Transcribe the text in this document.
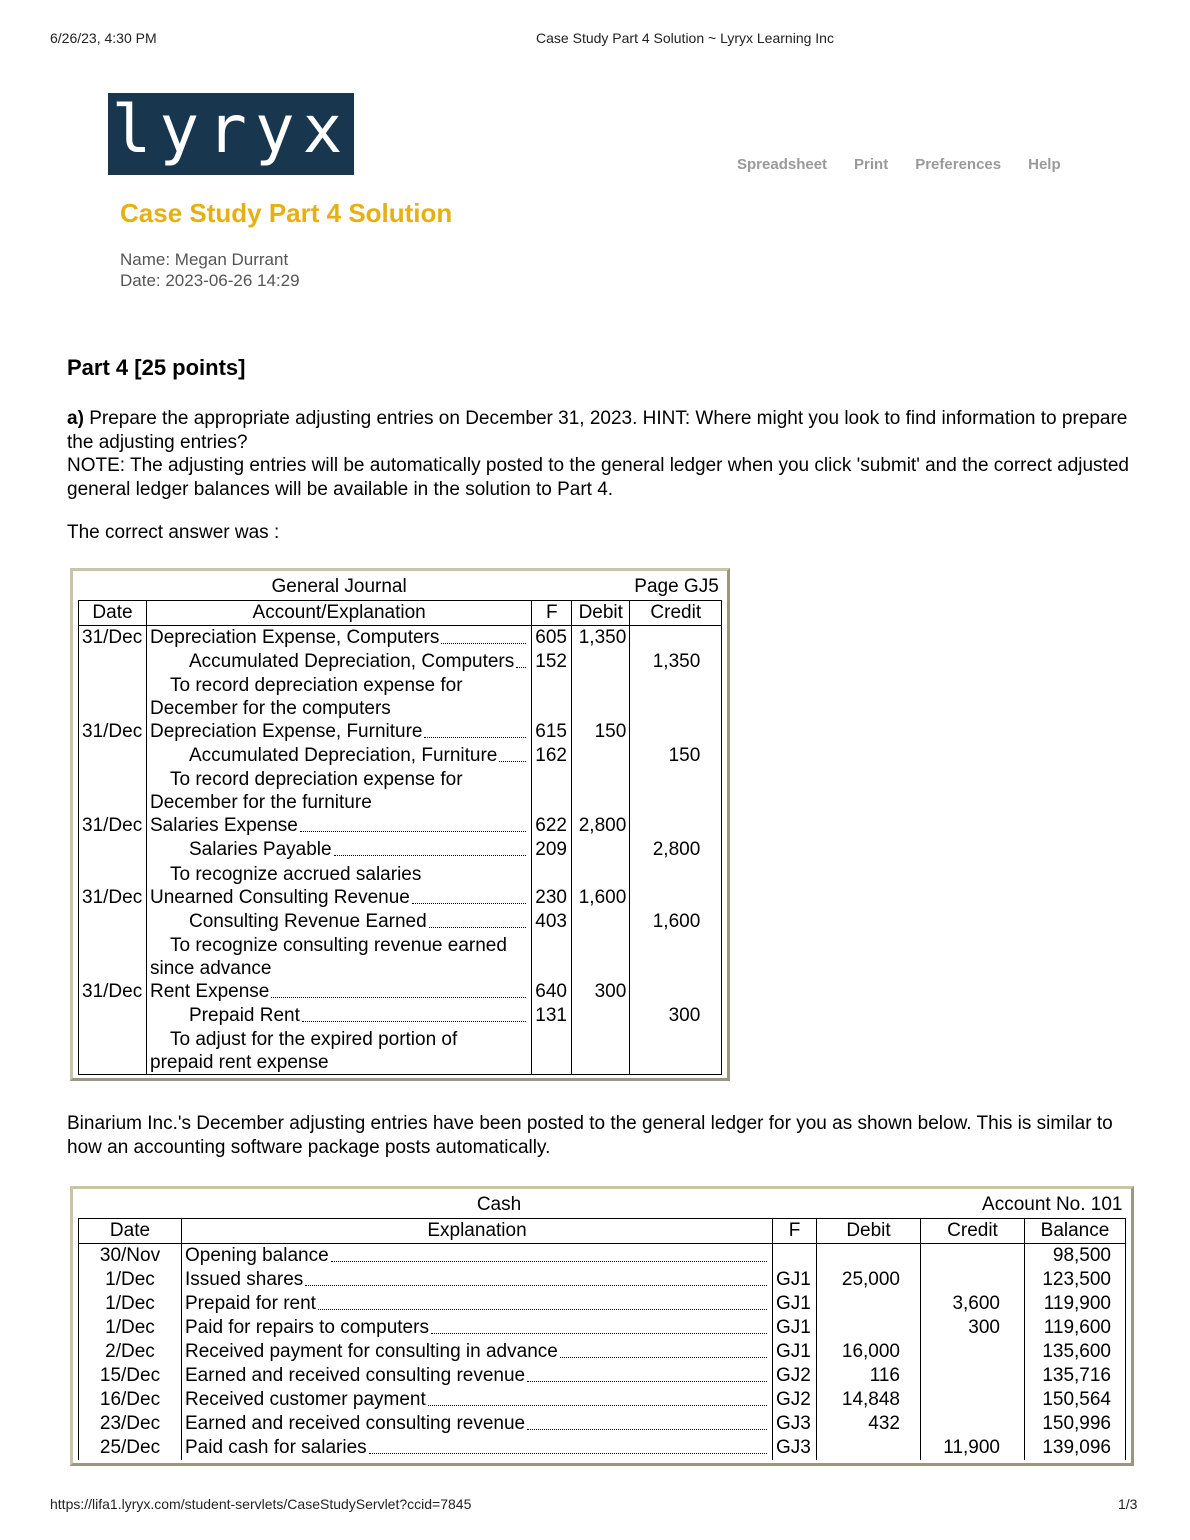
6/26/23, 4:30 PM	Case Study Part 4 Solution ~ Lyryx Learning Inc
lyryx	Spreadsheet Print Preferences Help
Case Study Part 4 Solution
Name: Megan Durrant
Date: 2023-06-26 14:29
Part 4 [25 points]
a) Prepare the appropriate adjusting entries on December 31, 2023. HINT: Where might you look to find information to prepare the adjusting entries?
NOTE: The adjusting entries will be automatically posted to the general ledger when you click 'submit' and the correct adjusted general ledger balances will be available in the solution to Part 4.
The correct answer was :
	General Journal		Page GJ5	
Date	Account/Explanation	F	Debit	Credit
31/Dec	Depreciation Expense, Computers	605	1,350	

	Accumulated Depreciation, Computers	152		1,350

	To record depreciation expense for
December for the computers			

31/Dec	Depreciation Expense, Furniture	615	150	

	Accumulated Depreciation, Furniture	162		150

	To record depreciation expense for
December for the furniture			

31/Dec	Salaries Expense	622	2,800	

	Salaries Payable	209		2,800

	To recognize accrued salaries			

31/Dec	Unearned Consulting Revenue	230	1,600	

	Consulting Revenue Earned	403		1,600

	To recognize consulting revenue earned
since advance			

31/Dec	Rent Expense	640	300	

	Prepaid Rent	131		300

	To adjust for the expired portion of
prepaid rent expense			

Binarium Inc.'s December adjusting entries have been posted to the general ledger for you as shown below. This is similar to how an accounting software package posts automatically.
	Cash			Account No. 101	
Date	Explanation	F	Debit	Credit	Balance
30/Nov	Opening balance				98,500
1/Dec	Issued shares	GJ1	25,000		123,500
1/Dec	Prepaid for rent	GJ1		3,600	119,900
1/Dec	Paid for repairs to computers	GJ1		300	119,600
2/Dec	Received payment for consulting in advance	GJ1	16,000		135,600
15/Dec	Earned and received consulting revenue	GJ2	116		135,716
16/Dec	Received customer payment	GJ2	14,848		150,564
23/Dec	Earned and received consulting revenue	GJ3	432		150,996
25/Dec	Paid cash for salaries	GJ3		11,900	139,096
https://lifa1.lyryx.com/student-servlets/CaseStudyServlet?ccid=7845	1/3
